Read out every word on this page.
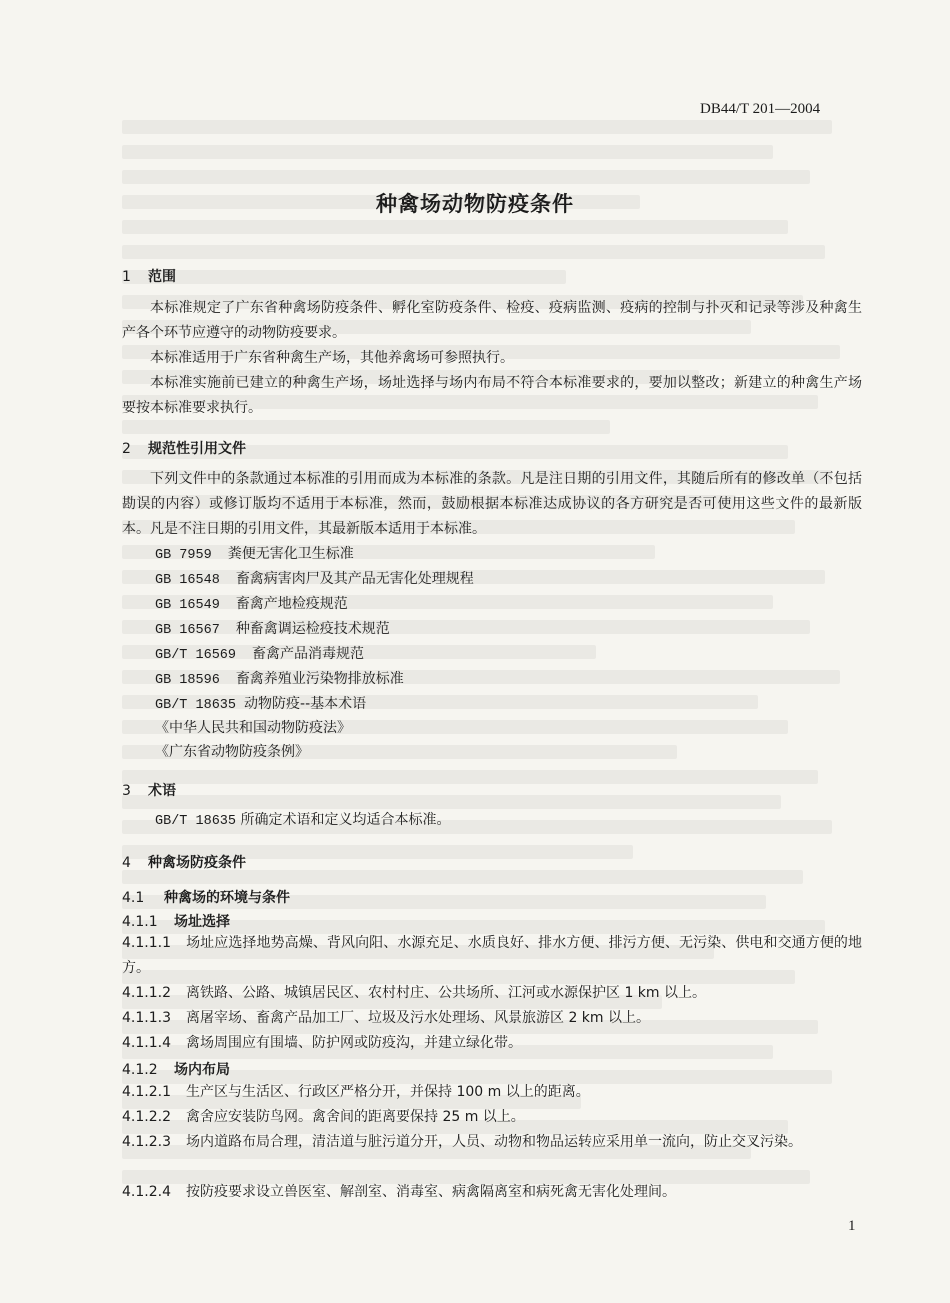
DB44/T 201—2004
种禽场动物防疫条件
1 范围
本标准规定了广东省种禽场防疫条件、孵化室防疫条件、检疫、疫病监测、疫病的控制与扑灭和记录等涉及种禽生产各个环节应遵守的动物防疫要求。
本标准适用于广东省种禽生产场，其他养禽场可参照执行。
本标准实施前已建立的种禽生产场，场址选择与场内布局不符合本标准要求的，要加以整改；新建立的种禽生产场要按本标准要求执行。
2 规范性引用文件
下列文件中的条款通过本标准的引用而成为本标准的条款。凡是注日期的引用文件，其随后所有的修改单（不包括勘误的内容）或修订版均不适用于本标准，然而，鼓励根据本标准达成协议的各方研究是否可使用这些文件的最新版本。凡是不注日期的引用文件，其最新版本适用于本标准。
GB 7959 粪便无害化卫生标准
GB 16548 畜禽病害肉尸及其产品无害化处理规程
GB 16549 畜禽产地检疫规范
GB 16567 种畜禽调运检疫技术规范
GB/T 16569 畜禽产品消毒规范
GB 18596 畜禽养殖业污染物排放标准
GB/T 18635 动物防疫--基本术语
《中华人民共和国动物防疫法》
《广东省动物防疫条例》
3 术语
GB/T 18635 所确定术语和定义均适合本标准。
4 种禽场防疫条件
4.1 种禽场的环境与条件
4.1.1 场址选择
4.1.1.1 场址应选择地势高燥、背风向阳、水源充足、水质良好、排水方便、排污方便、无污染、供电和交通方便的地方。
4.1.1.2 离铁路、公路、城镇居民区、农村村庄、公共场所、江河或水源保护区 1 km 以上。
4.1.1.3 离屠宰场、畜禽产品加工厂、垃圾及污水处理场、风景旅游区 2 km 以上。
4.1.1.4 禽场周围应有围墙、防护网或防疫沟，并建立绿化带。
4.1.2 场内布局
4.1.2.1 生产区与生活区、行政区严格分开，并保持 100 m 以上的距离。
4.1.2.2 禽舍应安装防鸟网。禽舍间的距离要保持 25 m 以上。
4.1.2.3 场内道路布局合理，清洁道与脏污道分开，人员、动物和物品运转应采用单一流向，防止交叉污染。
4.1.2.4 按防疫要求设立兽医室、解剖室、消毒室、病禽隔离室和病死禽无害化处理间。
1
